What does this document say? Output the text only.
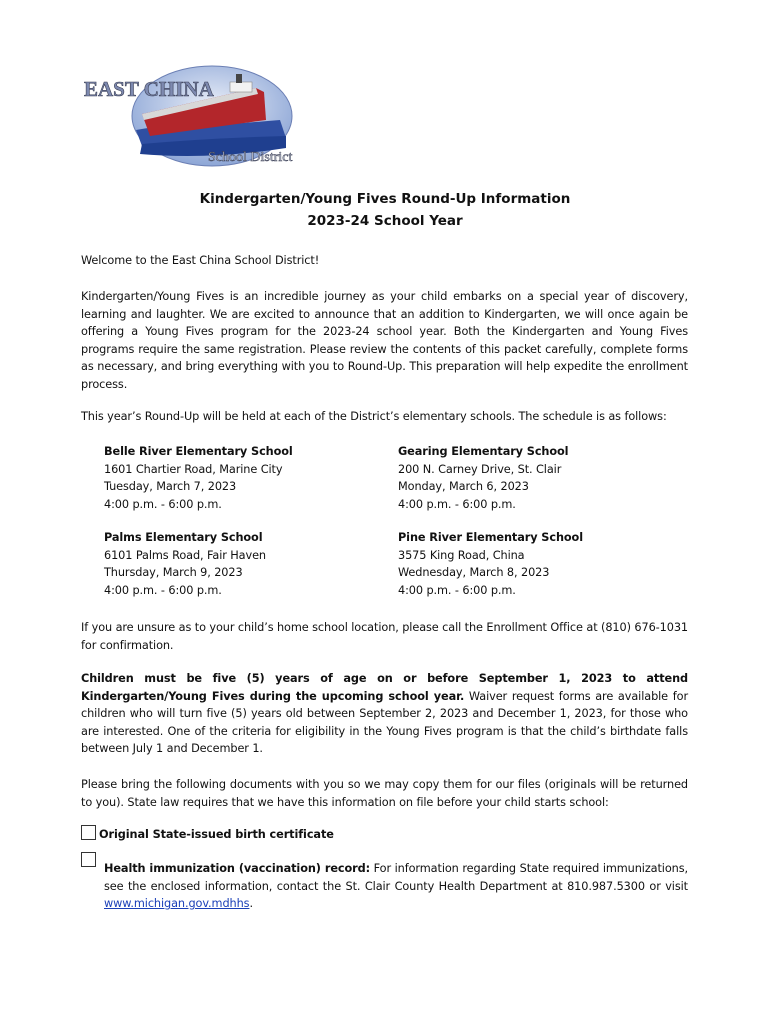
EAST CHINA
School District
Kindergarten/Young Fives Round-Up Information
2023-24 School Year

Welcome to the East China School District!

Kindergarten/Young Fives is an incredible journey as your child embarks on a special year of discovery, learning and laughter. We are excited to announce that an addition to Kindergarten, we will once again be offering a Young Fives program for the 2023-24 school year. Both the Kindergarten and Young Fives programs require the same registration. Please review the contents of this packet carefully, complete forms as necessary, and bring everything with you to Round-Up. This preparation will help expedite the enrollment process.

This year’s Round-Up will be held at each of the District’s elementary schools. The schedule is as follows:

Belle River Elementary School
1601 Chartier Road, Marine City
Tuesday, March 7, 2023
4:00 p.m. - 6:00 p.m.
Gearing Elementary School
200 N. Carney Drive, St. Clair
Monday, March 6, 2023
4:00 p.m. - 6:00 p.m.
Palms Elementary School
6101 Palms Road, Fair Haven
Thursday, March 9, 2023
4:00 p.m. - 6:00 p.m.
Pine River Elementary School
3575 King Road, China
Wednesday, March 8, 2023
4:00 p.m. - 6:00 p.m.

If you are unsure as to your child’s home school location, please call the Enrollment Office at (810) 676-1031 for confirmation.

Children must be five (5) years of age on or before September 1, 2023 to attend Kindergarten/Young Fives during the upcoming school year. Waiver request forms are available for children who will turn five (5) years old between September 2, 2023 and December 1, 2023, for those who are interested. One of the criteria for eligibility in the Young Fives program is that the child’s birthdate falls between July 1 and December 1.

Please bring the following documents with you so we may copy them for our files (originals will be returned to you). State law requires that we have this information on file before your child starts school:

Original State-issued birth certificate
Health immunization (vaccination) record: For information regarding State required immunizations, see the enclosed information, contact the St. Clair County Health Department at 810.987.5300 or visit www.michigan.gov.mdhhs.
